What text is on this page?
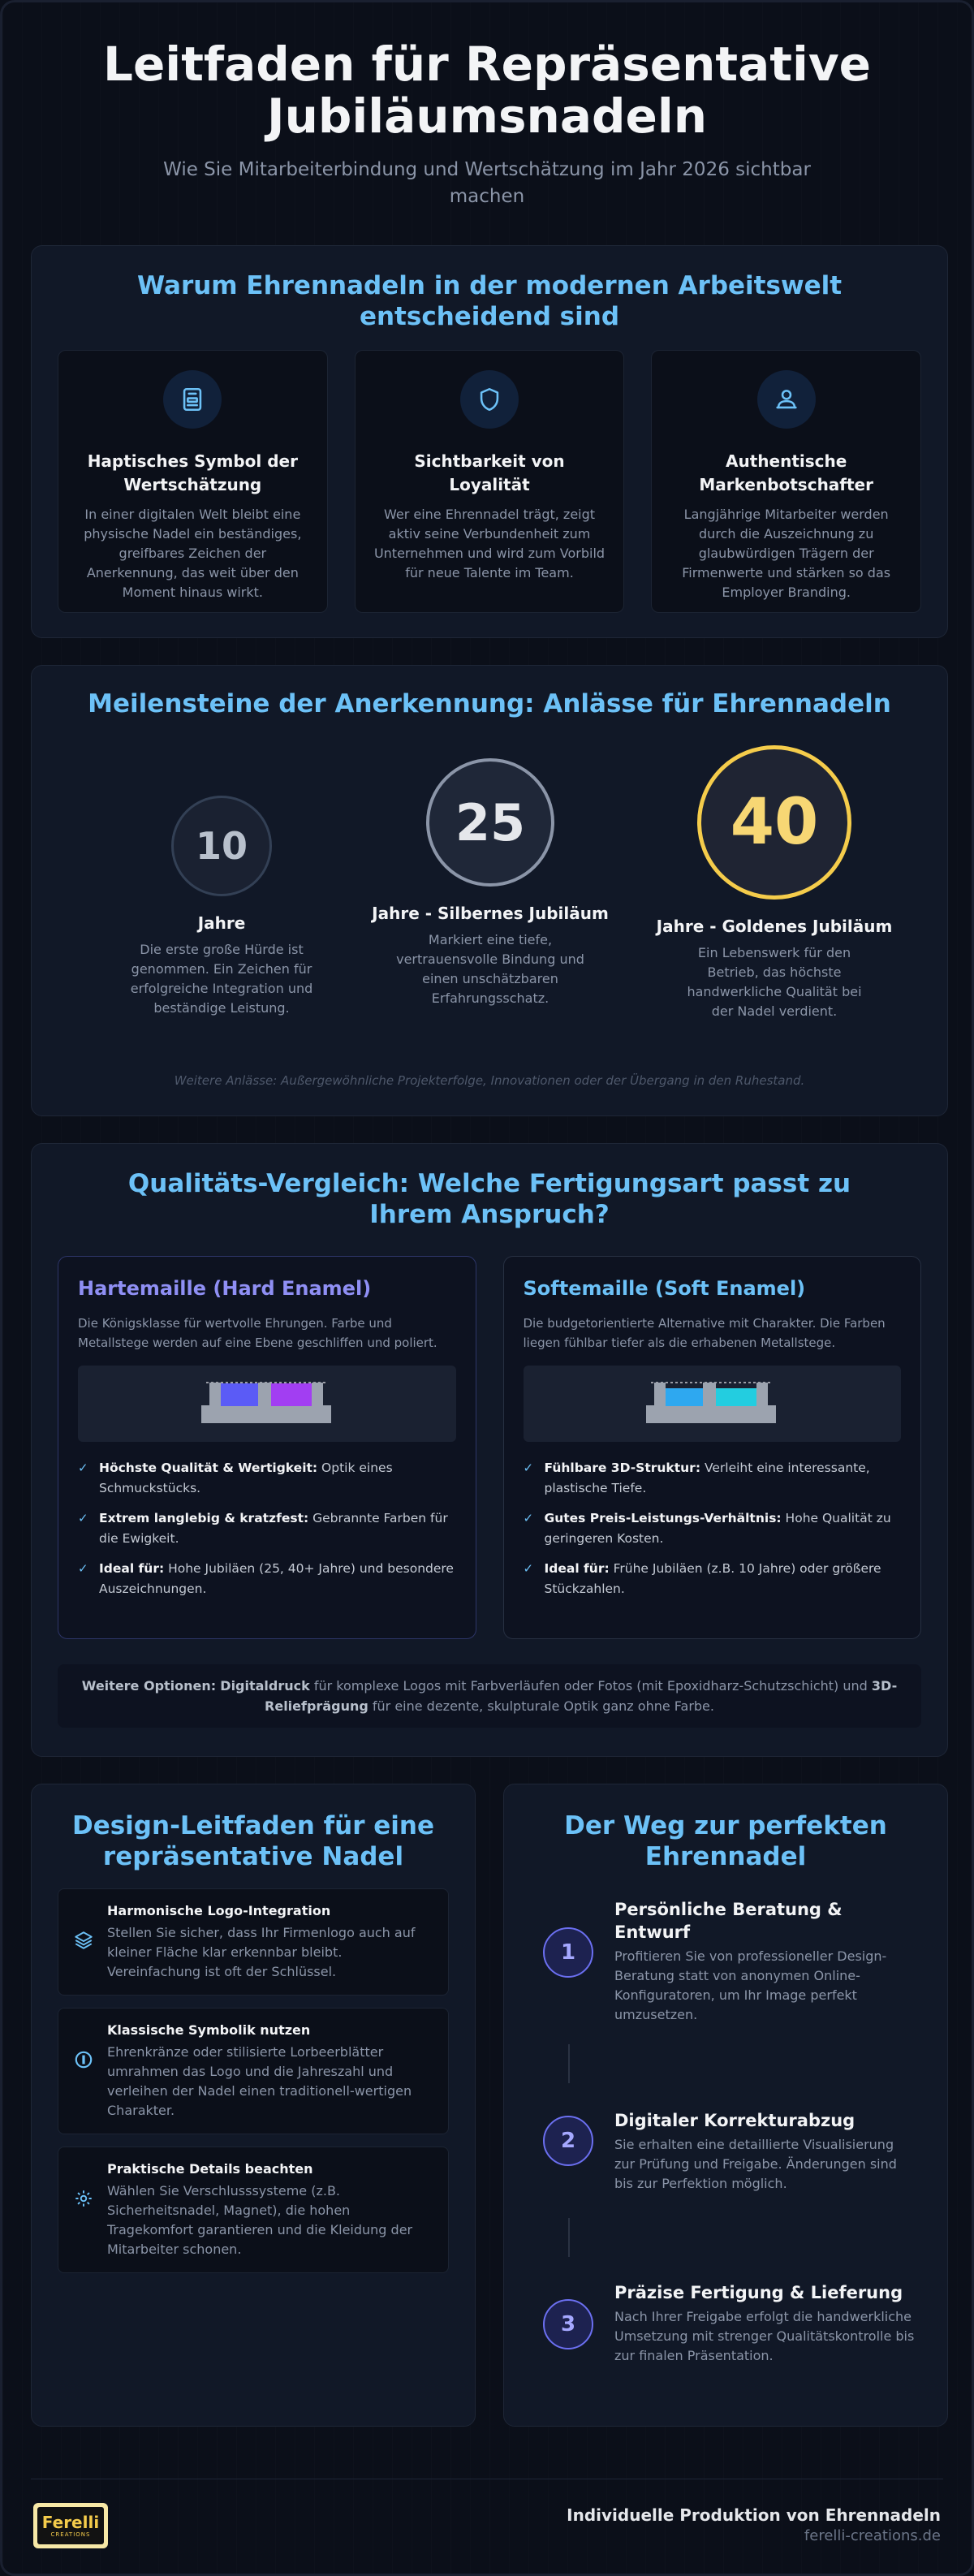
Leitfaden für Repräsentative Jubiläumsnadeln

Wie Sie Mitarbeiterbindung und Wertschätzung im Jahr 2026 sichtbar machen

Warum Ehrennadeln in der modernen Arbeitswelt entscheidend sind
Haptisches Symbol der Wertschätzung

In einer digitalen Welt bleibt eine physische Nadel ein beständiges, greifbares Zeichen der Anerkennung, das weit über den Moment hinaus wirkt.

Sichtbarkeit von Loyalität

Wer eine Ehrennadel trägt, zeigt aktiv seine Verbundenheit zum Unternehmen und wird zum Vorbild für neue Talente im Team.

Authentische Markenbotschafter

Langjährige Mitarbeiter werden durch die Auszeichnung zu glaubwürdigen Trägern der Firmenwerte und stärken so das Employer Branding.

Meilensteine der Anerkennung: Anlässe für Ehrennadeln
10
Jahre

Die erste große Hürde ist genommen. Ein Zeichen für erfolgreiche Integration und beständige Leistung.

25
Jahre - Silbernes Jubiläum

Markiert eine tiefe, vertrauensvolle Bindung und einen unschätzbaren Erfahrungsschatz.

40
Jahre - Goldenes Jubiläum

Ein Lebenswerk für den Betrieb, das höchste handwerkliche Qualität bei der Nadel verdient.

Weitere Anlässe: Außergewöhnliche Projekterfolge, Innovationen oder der Übergang in den Ruhestand.

Qualitäts-Vergleich: Welche Fertigungsart passt zu Ihrem Anspruch?
Hartemaille (Hard Enamel)

Die Königsklasse für wertvolle Ehrungen. Farbe und Metallstege werden auf eine Ebene geschliffen und poliert.

✓ Höchste Qualität & Wertigkeit: Optik eines Schmuckstücks.
✓ Extrem langlebig & kratzfest: Gebrannte Farben für die Ewigkeit.
✓ Ideal für: Hohe Jubiläen (25, 40+ Jahre) und besondere Auszeichnungen.
Softemaille (Soft Enamel)

Die budgetorientierte Alternative mit Charakter. Die Farben liegen fühlbar tiefer als die erhabenen Metallstege.

✓ Fühlbare 3D-Struktur: Verleiht eine interessante, plastische Tiefe.
✓ Gutes Preis-Leistungs-Verhältnis: Hohe Qualität zu geringeren Kosten.
✓ Ideal für: Frühe Jubiläen (z.B. 10 Jahre) oder größere Stückzahlen.
Weitere Optionen: Digitaldruck für komplexe Logos mit Farbverläufen oder Fotos (mit Epoxidharz-Schutzschicht) und 3D-Reliefprägung für eine dezente, skulpturale Optik ganz ohne Farbe.
Design-Leitfaden für eine repräsentative Nadel
Harmonische Logo-Integration

Stellen Sie sicher, dass Ihr Firmenlogo auch auf kleiner Fläche klar erkennbar bleibt. Vereinfachung ist oft der Schlüssel.

Klassische Symbolik nutzen

Ehrenkränze oder stilisierte Lorbeerblätter umrahmen das Logo und die Jahreszahl und verleihen der Nadel einen traditionell-wertigen Charakter.

Praktische Details beachten

Wählen Sie Verschlusssysteme (z.B. Sicherheitsnadel, Magnet), die hohen Tragekomfort garantieren und die Kleidung der Mitarbeiter schonen.

Der Weg zur perfekten Ehrennadel
1
Persönliche Beratung & Entwurf

Profitieren Sie von professioneller Design-Beratung statt von anonymen Online-Konfiguratoren, um Ihr Image perfekt umzusetzen.

2
Digitaler Korrekturabzug

Sie erhalten eine detaillierte Visualisierung zur Prüfung und Freigabe. Änderungen sind bis zur Perfektion möglich.

3
Präzise Fertigung & Lieferung

Nach Ihrer Freigabe erfolgt die handwerkliche Umsetzung mit strenger Qualitätskontrolle bis zur finalen Präsentation.

Ferelli
CREATIONS
Individuelle Produktion von Ehrennadeln
ferelli-creations.de
